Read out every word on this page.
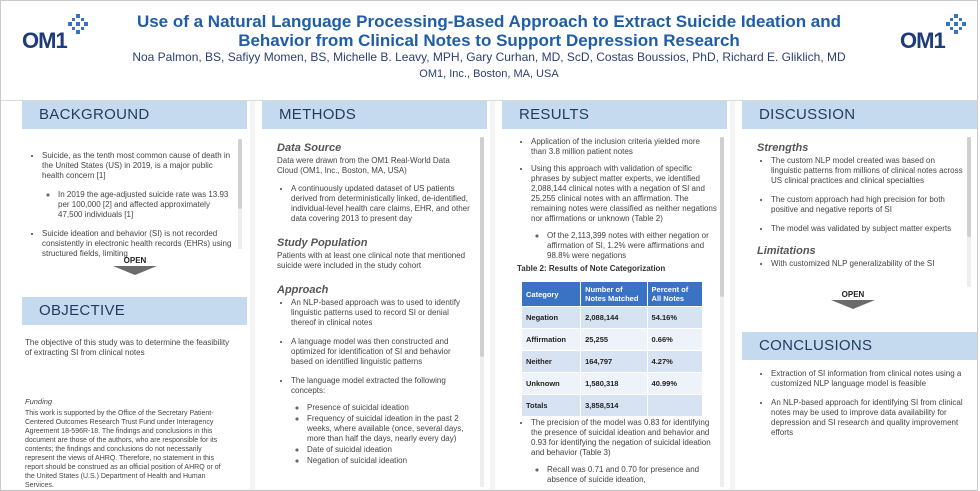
OM1
Use of a Natural Language Processing-Based Approach to Extract Suicide Ideation and Behavior from Clinical Notes to Support Depression Research
Noa Palmon, BS, Safiyy Momen, BS, Michelle B. Leavy, MPH, Gary Curhan, MD, ScD, Costas Boussios, PhD, Richard E. Gliklich, MD
OM1, Inc., Boston, MA, USA
OM1
BACKGROUND
• Suicide, as the tenth most common cause of death in the United States (US) in 2019, is a major public health concern [1]
◦ In 2019 the age-adjusted suicide rate was 13.93 per 100,000 [2] and affected approximately 47,500 individuals [1]
• Suicide ideation and behavior (SI) is not recorded consistently in electronic health records (EHRs) using structured fields, limiting
OPEN
OBJECTIVE
The objective of this study was to determine the feasibility of extracting SI from clinical notes
Funding
This work is supported by the Office of the Secretary Patient-Centered Outcomes Research Trust Fund under Interagency Agreement 18-596R-18. The findings and conclusions in this document are those of the authors, who are responsible for its contents; the findings and conclusions do not necessarily represent the views of AHRQ. Therefore, no statement in this report should be construed as an official position of AHRQ or of the United States (U.S.) Department of Health and Human Services.
METHODS
Data Source
Data were drawn from the OM1 Real-World Data Cloud (OM1, Inc., Boston, MA, USA)
• A continuously updated dataset of US patients derived from deterministically linked, de-identified, individual-level health care claims, EHR, and other data covering 2013 to present day
Study Population
Patients with at least one clinical note that mentioned suicide were included in the study cohort
Approach
• An NLP-based approach was to used to identify linguistic patterns used to record SI or denial thereof in clinical notes
• A language model was then constructed and optimized for identification of SI and behavior based on identified linguistic patterns
• The language model extracted the following concepts:
◦ Presence of suicidal ideation
◦ Frequency of suicidal ideation in the past 2 weeks, where available (once, several days, more than half the days, nearly every day)
◦ Date of suicidal ideation
◦ Negation of suicidal ideation
RESULTS
• Application of the inclusion criteria yielded more than 3.8 million patient notes
• Using this approach with validation of specific phrases by subject matter experts, we identified 2,088,144 clinical notes with a negation of SI and 25,255 clinical notes with an affirmation. The remaining notes were classified as neither negations nor affirmations or unknown (Table 2)
◦ Of the 2,113,399 notes with either negation or affirmation of SI, 1.2% were affirmations and 98.8% were negations
Table 2: Results of Note Categorization
Category	Number of Notes Matched	Percent of All Notes
Negation	2,088,144	54.16%
Affirmation	25,255	0.66%
Neither	164,797	4.27%
Unknown	1,580,318	40.99%
Totals	3,858,514	
• The precision of the model was 0.83 for identifying the presence of suicidal ideation and behavior and 0.93 for identifying the negation of suicidal ideation and behavior (Table 3)
◦ Recall was 0.71 and 0.70 for presence and absence of suicide ideation,
DISCUSSION
Strengths
• The custom NLP model created was based on linguistic patterns from millions of clinical notes across US clinical practices and clinical specialties
• The custom approach had high precision for both positive and negative reports of SI
• The model was validated by subject matter experts
Limitations
• With customized NLP generalizability of the SI
OPEN
CONCLUSIONS
• Extraction of SI information from clinical notes using a customized NLP language model is feasible
• An NLP-based approach for identifying SI from clinical notes may be used to improve data availability for depression and SI research and quality improvement efforts
